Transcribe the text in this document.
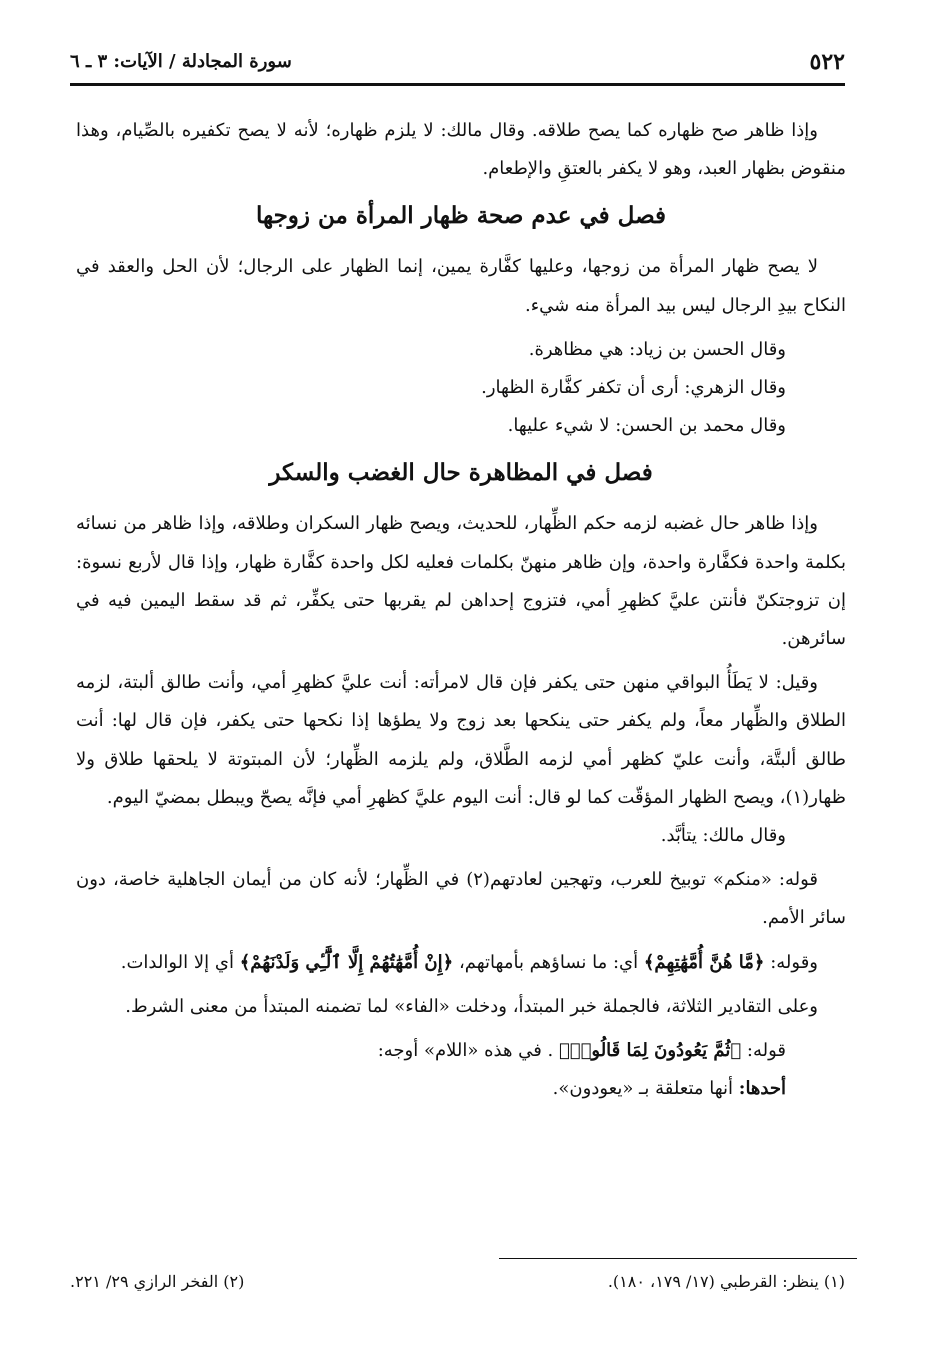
٥٢٢
سورة المجادلة / الآيات: ٣ ـ ٦

وإذا ظاهر صح ظهاره كما يصح طلاقه. وقال مالك: لا يلزم ظهاره؛ لأنه لا يصح تكفيره بالصِّيام، وهذا منقوض بظهار العبد، وهو لا يكفر بالعتقِ والإطعام.

فصل في عدم صحة ظهار المرأة من زوجها

لا يصح ظهار المرأة من زوجها، وعليها كفَّارة يمين، إنما الظهار على الرجال؛ لأن الحل والعقد في النكاح بيدِ الرجال ليس بيد المرأة منه شيء.

وقال الحسن بن زياد: هي مظاهرة.

وقال الزهري: أرى أن تكفر كفَّارة الظهار.

وقال محمد بن الحسن: لا شيء عليها.

فصل في المظاهرة حال الغضب والسكر

وإذا ظاهر حال غضبه لزمه حكم الظِّهار، للحديث، ويصح ظهار السكران وطلاقه، وإذا ظاهر من نسائه بكلمة واحدة فكفَّارة واحدة، وإن ظاهر منهنّ بكلمات فعليه لكل واحدة كفَّارة ظهار، وإذا قال لأربع نسوة: إن تزوجتكنّ فأنتن عليَّ كظهرِ أمي، فتزوج إحداهن لم يقربها حتى يكفِّر، ثم قد سقط اليمين فيه في سائرهن.

وقيل: لا يَطَأُ البواقي منهن حتى يكفر فإن قال لامرأته: أنت عليَّ كظهرِ أمي، وأنت طالق ألبتة، لزمه الطلاق والظِّهار معاً، ولم يكفر حتى ينكحها بعد زوج ولا يطؤها إذا نكحها حتى يكفر، فإن قال لها: أنت طالق ألبتَّة، وأنت عليّ كظهر أمي لزمه الطَّلاق، ولم يلزمه الظِّهار؛ لأن المبتوتة لا يلحقها طلاق ولا ظهار(١)، ويصح الظهار المؤقّت كما لو قال: أنت اليوم عليَّ كظهرِ أمي فإنَّه يصحّ ويبطل بمضيّ اليوم.

وقال مالك: يتأبَّد.

قوله: «منكم» توبيخ للعرب، وتهجين لعادتهم(٢) في الظِّهار؛ لأنه كان من أيمان الجاهلية خاصة، دون سائر الأمم.

وقوله: ﴿مَّا هُنَّ أُمَّهَٰتِهِمْ﴾ أي: ما نساؤهم بأمهاتهم، ﴿إِنْ أُمَّهَٰتُهُمْ إِلَّا ٱلَّٰٓـِٔي وَلَدْنَهُمْ﴾ أي إلا الوالدات.

وعلى التقادير الثلاثة، فالجملة خبر المبتدأ، ودخلت «الفاء» لما تضمنه المبتدأ من معنى الشرط.

قوله: ﴿ثُمَّ يَعُودُونَ لِمَا قَالُوا۟﴾ . في هذه «اللام» أوجه:

أحدها: أنها متعلقة بـ «يعودون».

(١) ينظر: القرطبي (١٧/ ١٧٩، ١٨٠).
(٢) الفخر الرازي ٢٩/ ٢٢١.
